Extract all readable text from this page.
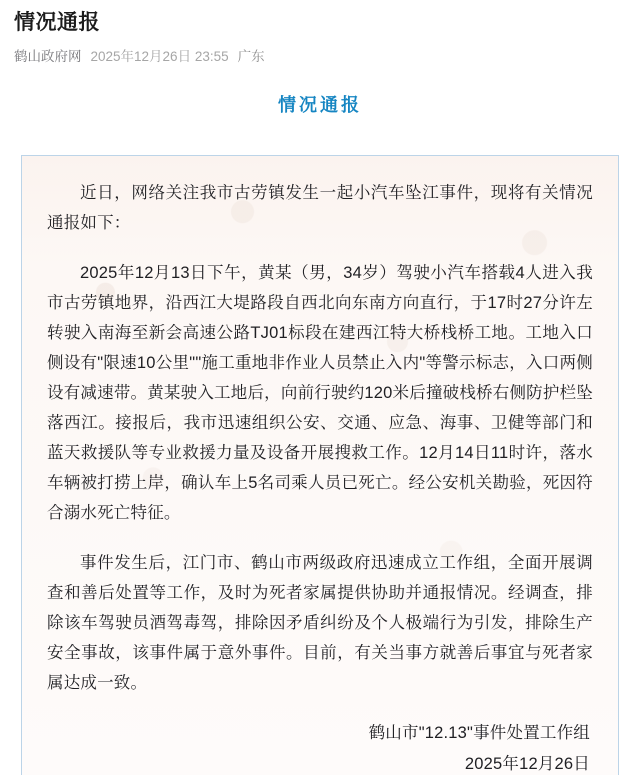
情况通报
鹤山政府网 2025年12月26日 23:55 广东
情况通报

近日，网络关注我市古劳镇发生一起小汽车坠江事件，现将有关情况通报如下：

2025年12月13日下午，黄某（男，34岁）驾驶小汽车搭载4人进入我市古劳镇地界，沿西江大堤路段自西北向东南方向直行，于17时27分许左转驶入南海至新会高速公路TJ01标段在建西江特大桥栈桥工地。工地入口侧设有"限速10公里""施工重地非作业人员禁止入内"等警示标志，入口两侧设有减速带。黄某驶入工地后，向前行驶约120米后撞破栈桥右侧防护栏坠落西江。接报后，我市迅速组织公安、交通、应急、海事、卫健等部门和蓝天救援队等专业救援力量及设备开展搜救工作。12月14日11时许，落水车辆被打捞上岸，确认车上5名司乘人员已死亡。经公安机关勘验，死因符合溺水死亡特征。

事件发生后，江门市、鹤山市两级政府迅速成立工作组，全面开展调查和善后处置等工作，及时为死者家属提供协助并通报情况。经调查，排除该车驾驶员酒驾毒驾，排除因矛盾纠纷及个人极端行为引发，排除生产安全事故，该事件属于意外事件。目前，有关当事方就善后事宜与死者家属达成一致。

鹤山市"12.13"事件处置工作组
2025年12月26日
